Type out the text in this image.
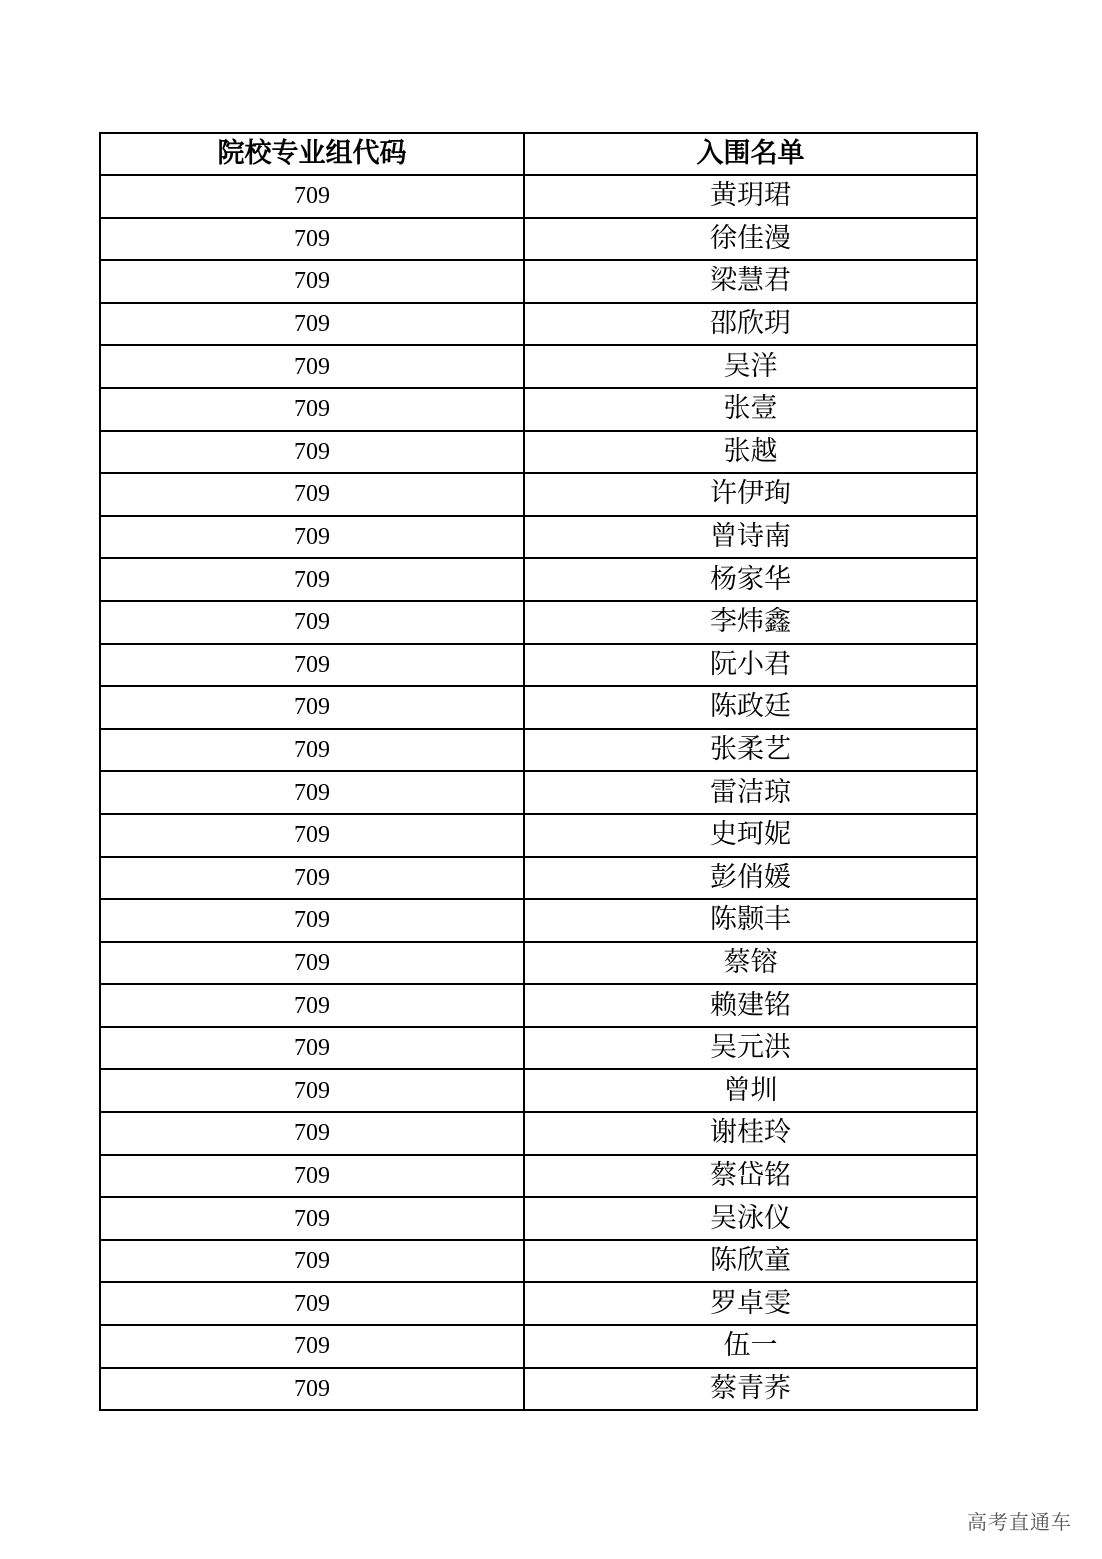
院校专业组代码	入围名单
709	黄玥珺
709	徐佳漫
709	梁慧君
709	邵欣玥
709	吴洋
709	张壹
709	张越
709	许伊珣
709	曾诗南
709	杨家华
709	李炜鑫
709	阮小君
709	陈政廷
709	张柔艺
709	雷洁琼
709	史珂妮
709	彭俏媛
709	陈颢丰
709	蔡镕
709	赖建铭
709	吴元洪
709	曾圳
709	谢桂玲
709	蔡岱铭
709	吴泳仪
709	陈欣童
709	罗卓雯
709	伍一
709	蔡青荞
高考直通车
